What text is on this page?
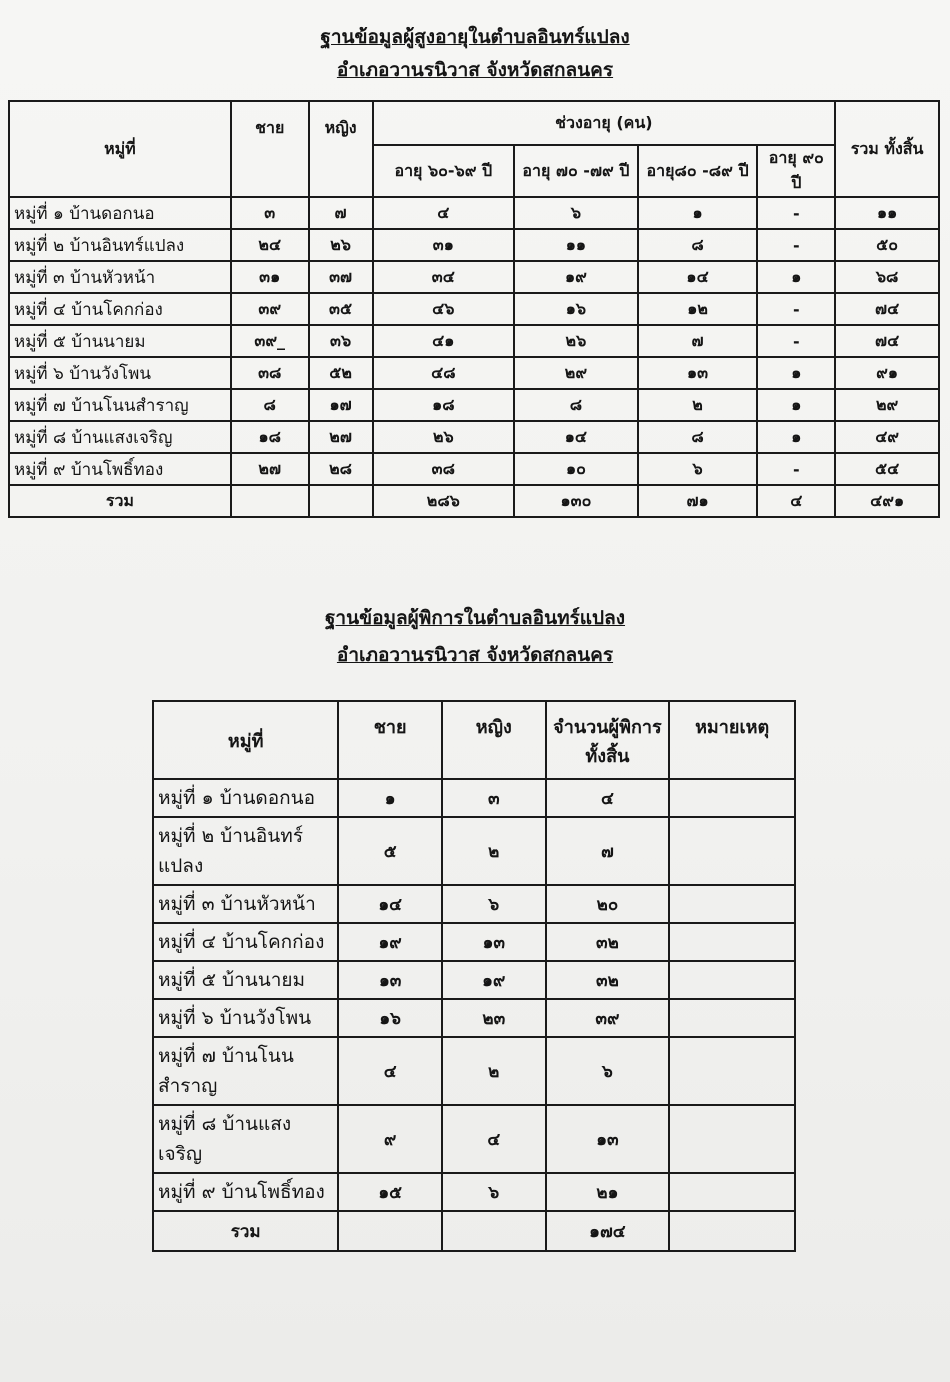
ฐานข้อมูลผู้สูงอายุในตำบลอินทร์แปลง
อำเภอวานรนิวาส จังหวัดสกลนคร
หมู่ที่	ชาย	หญิง	ช่วงอายุ (คน)				รวม ทั้งสิ้น
			อายุ ๖๐-๖๙ ปี	อายุ ๗๐ -๗๙ ปี	อายุ๘๐ -๘๙ ปี	อายุ ๙๐ ปี	
หมู่ที่ ๑ บ้านดอกนอ	๓	๗	๔	๖	๑	-	๑๑
หมู่ที่ ๒ บ้านอินทร์แปลง	๒๔	๒๖	๓๑	๑๑	๘	-	๕๐
หมู่ที่ ๓ บ้านหัวหน้า	๓๑	๓๗	๓๔	๑๙	๑๔	๑	๖๘
หมู่ที่ ๔ บ้านโคกก่อง	๓๙	๓๕	๔๖	๑๖	๑๒	-	๗๔
หมู่ที่ ๕ บ้านนายม	๓๙_	๓๖	๔๑	๒๖	๗	-	๗๔
หมู่ที่ ๖ บ้านวังโพน	๓๘	๕๒	๔๘	๒๙	๑๓	๑	๙๑
หมู่ที่ ๗ บ้านโนนสำราญ	๘	๑๗	๑๘	๘	๒	๑	๒๙
หมู่ที่ ๘ บ้านแสงเจริญ	๑๘	๒๗	๒๖	๑๔	๘	๑	๔๙
หมู่ที่ ๙ บ้านโพธิ์ทอง	๒๗	๒๘	๓๘	๑๐	๖	-	๕๔
รวม			๒๘๖	๑๓๐	๗๑	๔	๔๙๑
ฐานข้อมูลผู้พิการในตำบลอินทร์แปลง
อำเภอวานรนิวาส จังหวัดสกลนคร
หมู่ที่	ชาย	หญิง	จำนวนผู้พิการทั้งสิ้น	หมายเหตุ
หมู่ที่ ๑ บ้านดอกนอ	๑	๓	๔	
หมู่ที่ ๒ บ้านอินทร์ แปลง	๕	๒	๗	
หมู่ที่ ๓ บ้านหัวหน้า	๑๔	๖	๒๐	
หมู่ที่ ๔ บ้านโคกก่อง	๑๙	๑๓	๓๒	
หมู่ที่ ๕ บ้านนายม	๑๓	๑๙	๓๒	
หมู่ที่ ๖ บ้านวังโพน	๑๖	๒๓	๓๙	
หมู่ที่ ๗ บ้านโนน สำราญ	๔	๒	๖	
หมู่ที่ ๘ บ้านแสง เจริญ	๙	๔	๑๓	
หมู่ที่ ๙ บ้านโพธิ์ทอง	๑๕	๖	๒๑	
รวม			๑๗๔	
